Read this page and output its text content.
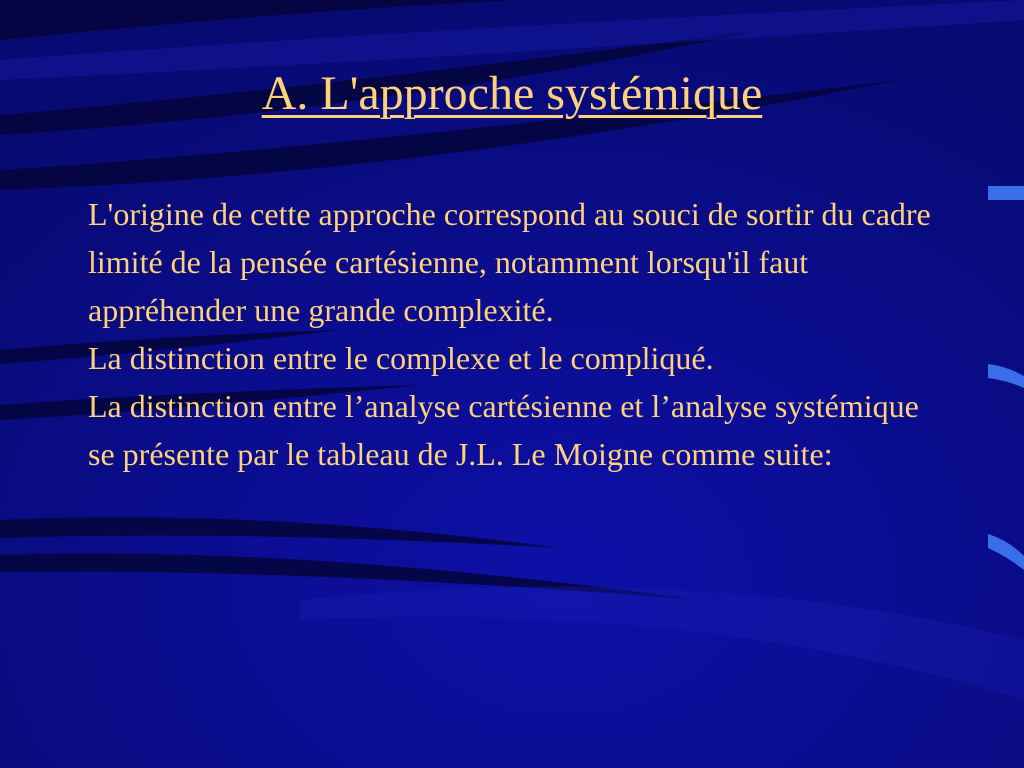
A. L'approche systémique

L'origine de cette approche correspond au souci de sortir du cadre limité de la pensée cartésienne, notamment lorsqu'il faut appréhender une grande complexité.

La distinction entre le complexe et le compliqué.

La distinction entre l’analyse cartésienne et l’analyse systémique se présente par le tableau de J.L. Le Moigne comme suite:
